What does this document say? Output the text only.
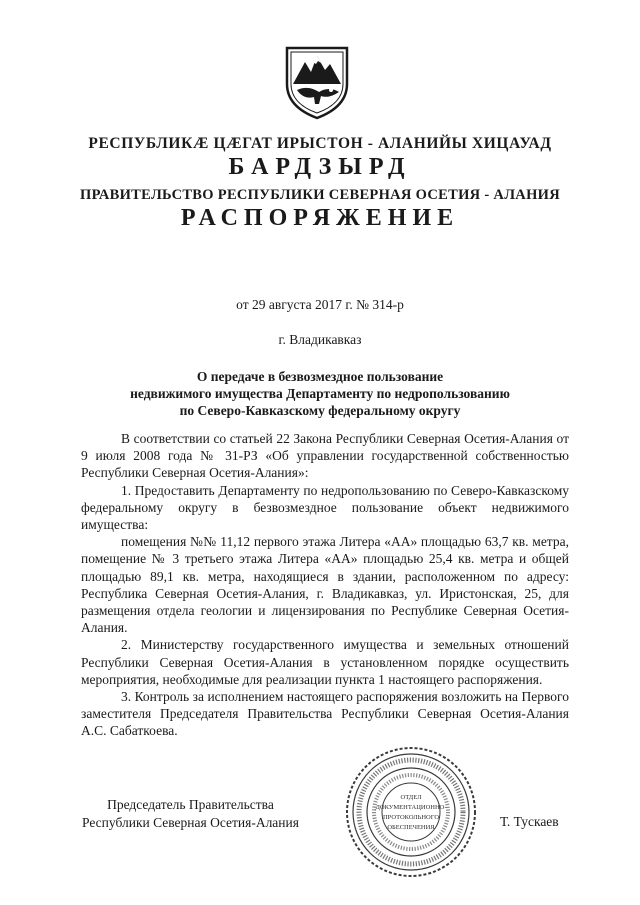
РЕСПУБЛИКӔ ЦӔГАТ ИРЫСТОН - АЛАНИЙЫ ХИЦАУАД
БАРДЗЫРД
ПРАВИТЕЛЬСТВО РЕСПУБЛИКИ СЕВЕРНАЯ ОСЕТИЯ - АЛАНИЯ
РАСПОРЯЖЕНИЕ
от 29 августа 2017 г. № 314-р
г. Владикавказ
О передаче в безвозмездное пользование
недвижимого имущества Департаменту по недропользованию
по Северо-Кавказскому федеральному округу

В соответствии со статьей 22 Закона Республики Северная Осетия-Алания от 9 июля 2008 года № 31-РЗ «Об управлении государственной собственностью Республики Северная Осетия-Алания»:

1. Предоставить Департаменту по недропользованию по Северо-Кавказскому федеральному округу в безвозмездное пользование объект недвижимого имущества:

помещения №№ 11,12 первого этажа Литера «АА» площадью 63,7 кв. метра, помещение № 3 третьего этажа Литера «АА» площадью 25,4 кв. метра и общей площадью 89,1 кв. метра, находящиеся в здании, расположенном по адресу: Республика Северная Осетия-Алания, г. Владикавказ, ул. Иристонская, 25, для размещения отдела геологии и лицензирования по Республике Северная Осетия-Алания.

2. Министерству государственного имущества и земельных отношений Республики Северная Осетия-Алания в установленном порядке осуществить мероприятия, необходимые для реализации пункта 1 настоящего распоряжения.

3. Контроль за исполнением настоящего распоряжения возложить на Первого заместителя Председателя Правительства Республики Северная Осетия-Алания А.С. Сабаткоева.

Председатель Правительства
Республики Северная Осетия-Алания
ОТДЕЛ
ДОКУМЕНТАЦИОННО-
ПРОТОКОЛЬНОГО
ОБЕСПЕЧЕНИЯ	Т. Тускаев
